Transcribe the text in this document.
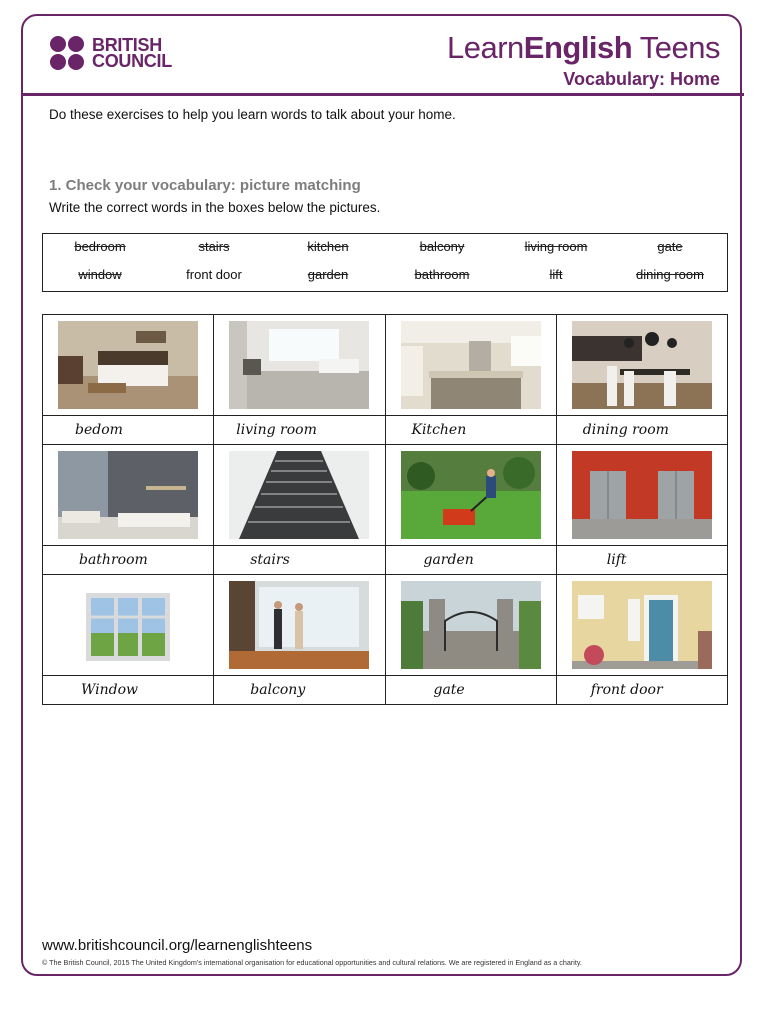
BRITISH
COUNCIL	LearnEnglish Teens
Vocabulary: Home
Do these exercises to help you learn words to talk about your home.
1. Check your vocabulary: picture matching
Write the correct words in the boxes below the pictures.
bedroom	stairs	kitchen	balcony	living room	gate
window	front door	garden	bathroom	lift	dining room

bedom	living room	Kitchen	dining room

bathroom	stairs	garden	lift

Window	balcony	gate	front door
www.britishcouncil.org/learnenglishteens
© The British Council, 2015 The United Kingdom's international organisation for educational opportunities and cultural relations. We are registered in England as a charity.
